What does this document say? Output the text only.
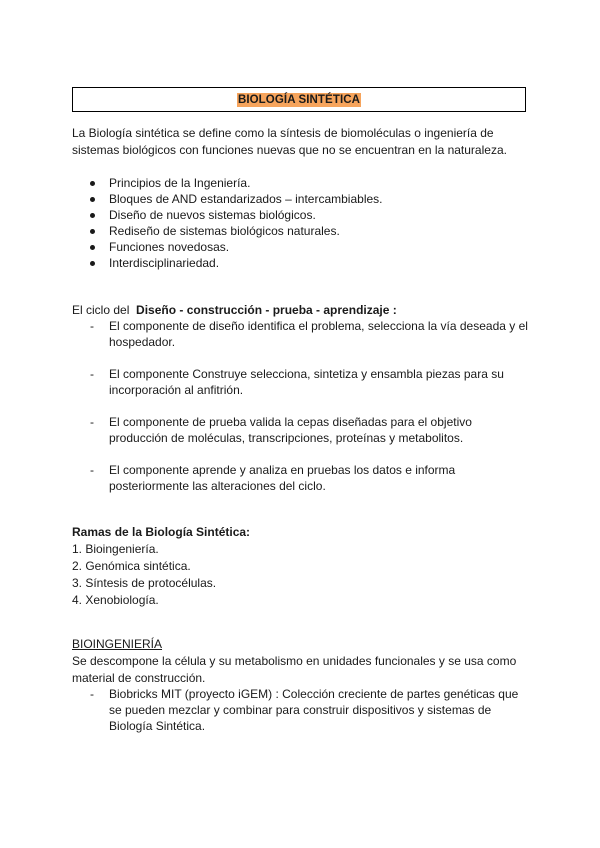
BIOLOGÍA SINTÉTICA

La Biología sintética se define como la síntesis de biomoléculas o ingeniería de sistemas biológicos con funciones nuevas que no se encuentran en la naturaleza.

Principios de la Ingeniería.
Bloques de AND estandarizados – intercambiables.
Diseño de nuevos sistemas biológicos.
Rediseño de sistemas biológicos naturales.
Funciones novedosas.
Interdisciplinariedad.

El ciclo del Diseño - construcción - prueba - aprendizaje :

- El componente de diseño identifica el problema, selecciona la vía deseada y el hospedador.
- El componente Construye selecciona, sintetiza y ensambla piezas para su incorporación al anfitrión.
- El componente de prueba valida la cepas diseñadas para el objetivo producción de moléculas, transcripciones, proteínas y metabolitos.
- El componente aprende y analiza en pruebas los datos e informa posteriormente las alteraciones del ciclo.

Ramas de la Biología Sintética:

1. Bioingeniería.
2. Genómica sintética.
3. Síntesis de protocélulas.
4. Xenobiología.

BIOINGENIERÍA

Se descompone la célula y su metabolismo en unidades funcionales y se usa como material de construcción.

- Biobricks MIT (proyecto iGEM) : Colección creciente de partes genéticas que se pueden mezclar y combinar para construir dispositivos y sistemas de Biología Sintética.
